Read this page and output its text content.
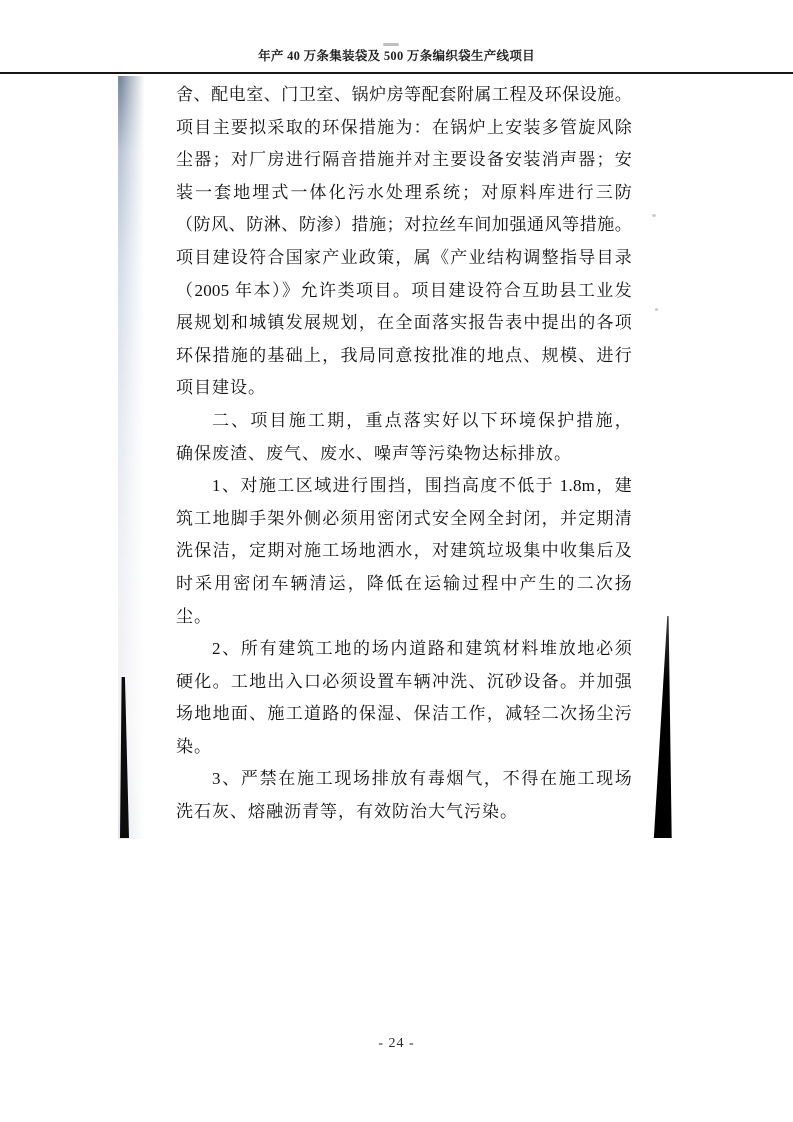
年产 40 万条集装袋及 500 万条编织袋生产线项目
舍、配电室、门卫室、锅炉房等配套附属工程及环保设施。
项目主要拟采取的环保措施为：在锅炉上安装多管旋风除
尘器；对厂房进行隔音措施并对主要设备安装消声器；安
装一套地埋式一体化污水处理系统；对原料库进行三防
（防风、防淋、防渗）措施；对拉丝车间加强通风等措施。
项目建设符合国家产业政策，属《产业结构调整指导目录
（2005 年本）》允许类项目。项目建设符合互助县工业发
展规划和城镇发展规划，在全面落实报告表中提出的各项
环保措施的基础上，我局同意按批准的地点、规模、进行
项目建设。
二、项目施工期，重点落实好以下环境保护措施，
确保废渣、废气、废水、噪声等污染物达标排放。
1、对施工区域进行围挡，围挡高度不低于 1.8m，建
筑工地脚手架外侧必须用密闭式安全网全封闭，并定期清
洗保洁，定期对施工场地洒水，对建筑垃圾集中收集后及
时采用密闭车辆清运，降低在运输过程中产生的二次扬
尘。
2、所有建筑工地的场内道路和建筑材料堆放地必须
硬化。工地出入口必须设置车辆冲洗、沉砂设备。并加强
场地地面、施工道路的保湿、保洁工作，减轻二次扬尘污
染。
3、严禁在施工现场排放有毒烟气，不得在施工现场
洗石灰、熔融沥青等，有效防治大气污染。
- 24 -
